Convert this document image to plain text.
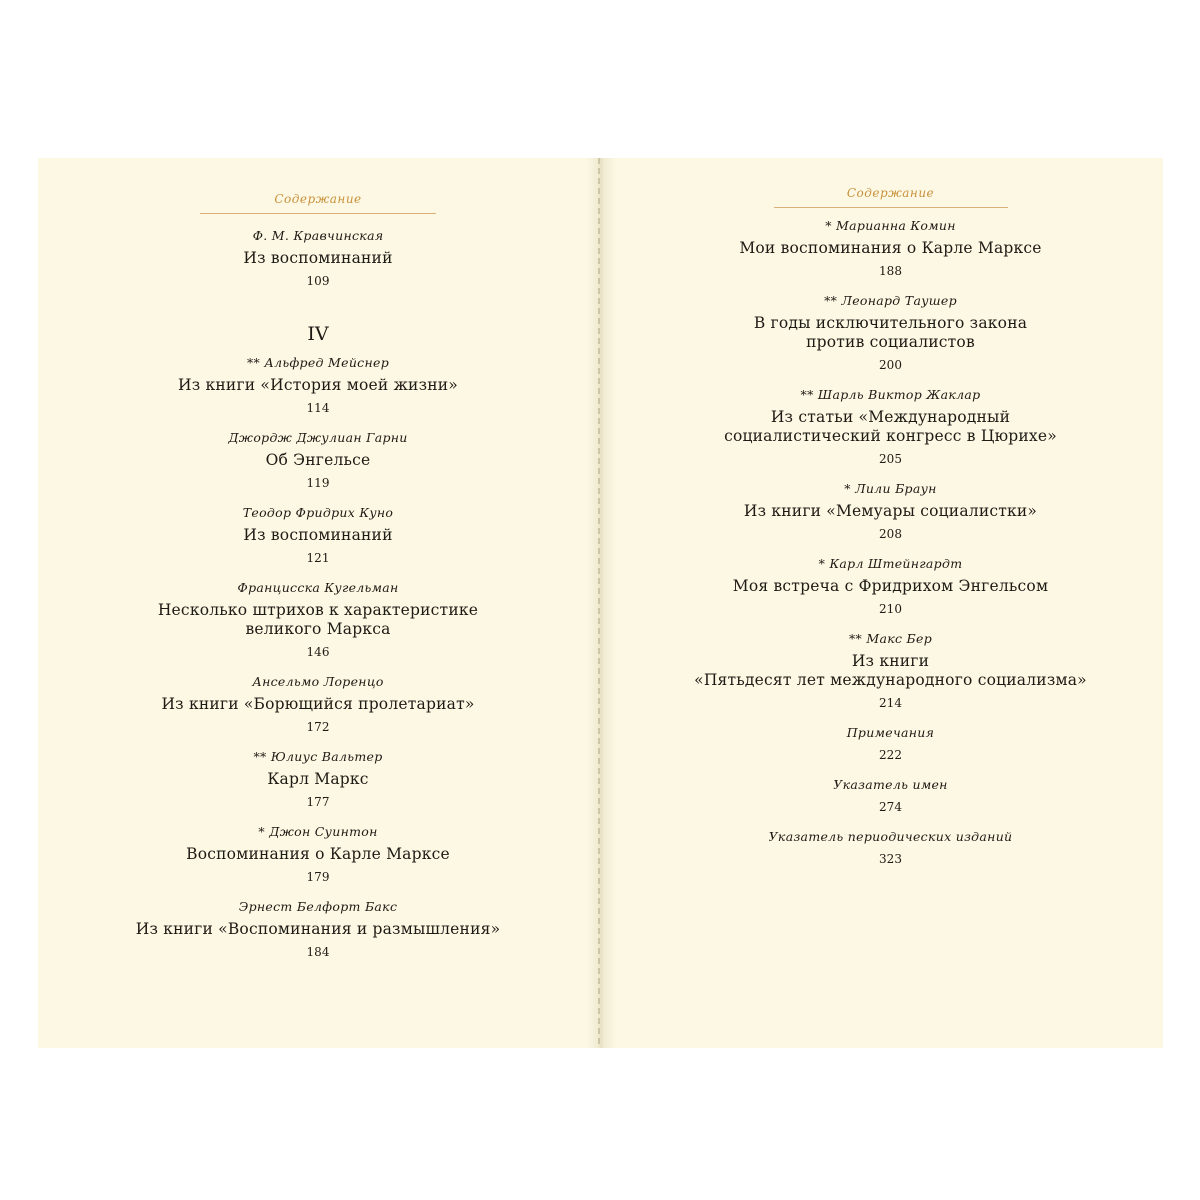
Содержание
Ф. М. Кравчинская
Из воспоминаний
109
IV
** Альфред Мейснер
Из книги «История моей жизни»
114
Джордж Джулиан Гарни
Об Энгельсе
119
Теодор Фридрих Куно
Из воспоминаний
121
Францисска Кугельман
Несколько штрихов к характеристике
великого Маркса
146
Ансельмо Лоренцо
Из книги «Борющийся пролетариат»
172
** Юлиус Вальтер
Карл Маркс
177
* Джон Суинтон
Воспоминания о Карле Марксе
179
Эрнест Белфорт Бакс
Из книги «Воспоминания и размышления»
184
Содержание
* Марианна Комин
Мои воспоминания о Карле Марксе
188
** Леонард Таушер
В годы исключительного закона
против социалистов
200
** Шарль Виктор Жаклар
Из статьи «Международный
социалистический конгресс в Цюрихе»
205
* Лили Браун
Из книги «Мемуары социалистки»
208
* Карл Штейнгардт
Моя встреча с Фридрихом Энгельсом
210
** Макс Бер
Из книги
«Пятьдесят лет международного социализма»
214
Примечания
222
Указатель имен
274
Указатель периодических изданий
323
